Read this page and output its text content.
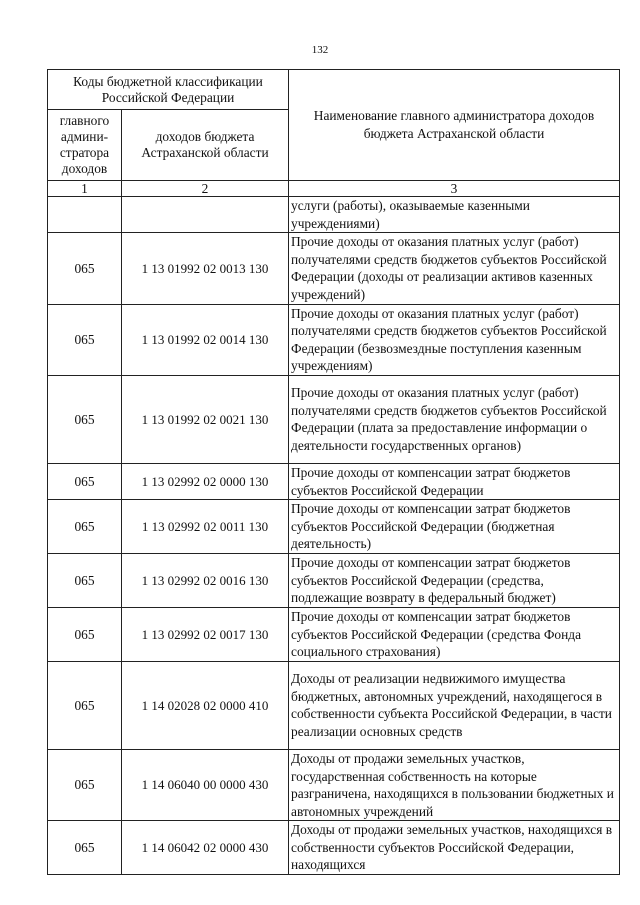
132
Коды бюджетной классификации Российской Федерации		Наименование главного администратора доходов бюджета Астраханской области
главного админи-стратора доходов	доходов бюджета Астраханской области	
1	2	3
		услуги (работы), оказываемые казенными учреждениями)
065	1 13 01992 02 0013 130	Прочие доходы от оказания платных услуг (работ) получателями средств бюджетов субъектов Российской Федерации (доходы от реализации активов казенных учреждений)
065	1 13 01992 02 0014 130	Прочие доходы от оказания платных услуг (работ) получателями средств бюджетов субъектов Российской Федерации (безвозмездные поступления казенным учреждениям)
065	1 13 01992 02 0021 130	Прочие доходы от оказания платных услуг (работ) получателями средств бюджетов субъектов Российской Федерации (плата за предоставление информации о деятельности государственных органов)
065	1 13 02992 02 0000 130	Прочие доходы от компенсации затрат бюджетов субъектов Российской Федерации
065	1 13 02992 02 0011 130	Прочие доходы от компенсации затрат бюджетов субъектов Российской Федерации (бюджетная деятельность)
065	1 13 02992 02 0016 130	Прочие доходы от компенсации затрат бюджетов субъектов Российской Федерации (средства, подлежащие возврату в федеральный бюджет)
065	1 13 02992 02 0017 130	Прочие доходы от компенсации затрат бюджетов субъектов Российской Федерации (средства Фонда социального страхования)
065	1 14 02028 02 0000 410	Доходы от реализации недвижимого имущества бюджетных, автономных учреждений, находящегося в собственности субъекта Российской Федерации, в части реализации основных средств
065	1 14 06040 00 0000 430	Доходы от продажи земельных участков, государственная собственность на которые разграничена, находящихся в пользовании бюджетных и автономных учреждений
065	1 14 06042 02 0000 430	Доходы от продажи земельных участков, находящихся в собственности субъектов Российской Федерации, находящихся
